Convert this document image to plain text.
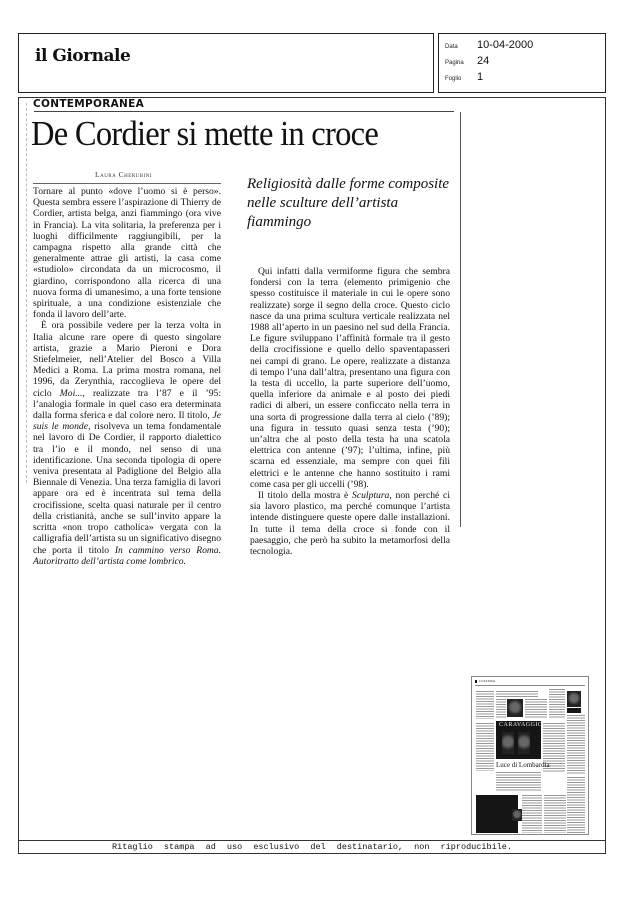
il Giornale	Data	10-04-2000
Pagina	24
Foglio	1
CONTEMPORANEA
De Cordier si mette in croce
Laura Cherubini

Tornare al punto «dove l’uomo si è perso». Questa sembra essere l’aspirazione di Thierry de Cordier, artista belga, anzi fiammingo (ora vive in Francia). La vita solitaria, la preferenza per i luoghi difficilmente raggiungibili, per la campagna rispetto alla grande città che generalmente attrae gli artisti, la casa come «studiolo» circondata da un microcosmo, il giardino, corrispondono alla ricerca di una nuova forma di umanesimo, a una forte tensione spirituale, a una condizione esistenziale che fonda il lavoro dell’arte.

È ora possibile vedere per la terza volta in Italia alcune rare opere di questo singolare artista, grazie a Mario Pieroni e Dora Stiefelmeier, nell’Atelier del Bosco a Villa Medici a Roma. La prima mostra romana, nel 1996, da Zerynthia, raccoglieva le opere del ciclo Moi..., realizzate tra l’87 e il ’95: l’analogia formale in quel caso era determinata dalla forma sferica e dal colore nero. Il titolo, Je suis le monde, risolveva un tema fondamentale nel lavoro di De Cordier, il rapporto dialettico tra l’io e il mondo, nel senso di una identificazione. Una seconda tipologia di opere veniva presentata al Padiglione del Belgio alla Biennale di Venezia. Una terza famiglia di lavori appare ora ed è incentrata sul tema della crocifissione, scelta quasi naturale per il centro della cristianità, anche se sull’invito appare la scritta «non tropo catholica» vergata con la calligrafia dell’artista su un significativo disegno che porta il titolo In cammino verso Roma. Autoritratto dell’artista come lombrico.

Religiosità dalle forme composite nelle sculture dell’artista fiammingo

Qui infatti dalla vermiforme figura che sembra fondersi con la terra (elemento primigenio che spesso costituisce il materiale in cui le opere sono realizzate) sorge il segno della croce. Questo ciclo nasce da una prima scultura verticale realizzata nel 1988 all’aperto in un paesino nel sud della Francia. Le figure sviluppano l’affinità formale tra il gesto della crocifissione e quello dello spaventapasseri nei campi di grano. Le opere, realizzate a distanza di tempo l’una dall’altra, presentano una figura con la testa di uccello, la parte superiore dell’uomo, quella inferiore da animale e al posto dei piedi radici di alberi, un essere conficcato nella terra in una sorta di progressione dalla terra al cielo (’89); una figura in tessuto quasi senza testa (’90); un’altra che al posto della testa ha una scatola elettrica con antenne (’97); l’ultima, infine, più scarna ed essenziale, ma sempre con quei fili elettrici e le antenne che hanno sostituito i rami come casa per gli uccelli (’98).

Il titolo della mostra è Sculptura, non perché ci sia lavoro plastico, ma perché comunque l’artista intende distinguere queste opere dalle installazioni. In tutte il tema della croce si fonde con il paesaggio, che però ha subito la metamorfosi della tecnologia.

CULTURA
CARAVAGGIO
Luce di Lombardia
Ritaglio stampa ad uso esclusivo del destinatario, non riproducibile.
